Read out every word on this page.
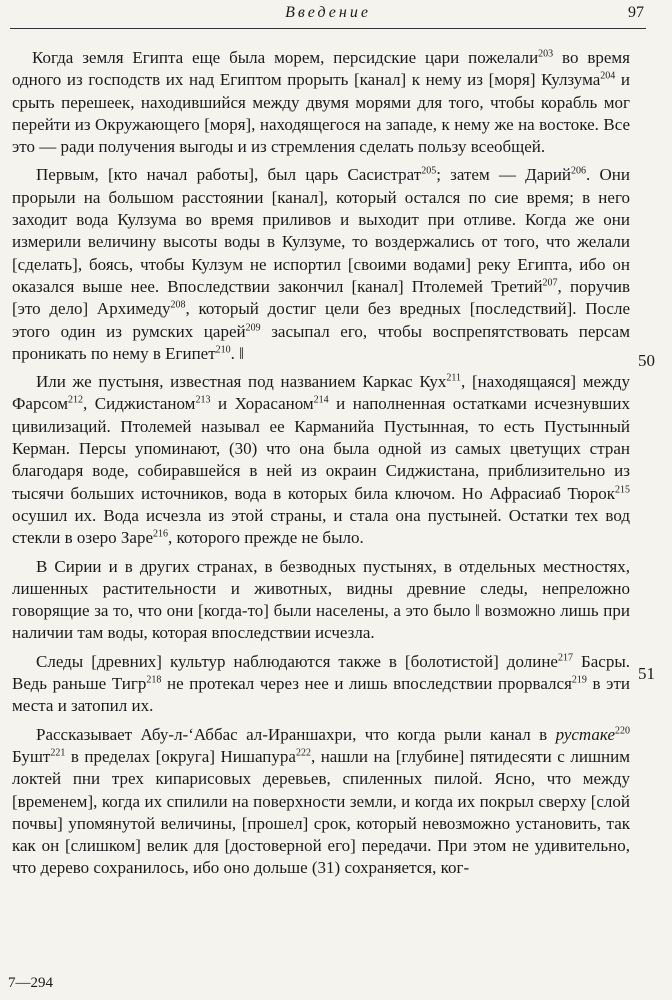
Введение	97

Когда земля Египта еще была морем, персидские цари пожелали$^{203}$ во время одного из господств их над Египтом прорыть [канал] к нему из [моря] Кулзума$^{204}$ и срыть перешеек, находившийся между двумя морями для того, чтобы корабль мог перейти из Окружающего [моря], находящегося на западе, к нему же на востоке. Все это — ради получения выгоды и из стремления сделать пользу всеобщей.

Первым, [кто начал работы], был царь Сасистрат$^{205}$; затем — Дарий$^{206}$. Они прорыли на большом расстоянии [канал], который остался по сие время; в него заходит вода Кулзума во время приливов и выходит при отливе. Когда же они измерили величину высоты воды в Кулзуме, то воздержались от того, что желали [сделать], боясь, чтобы Кулзум не испортил [своими водами] реку Египта, ибо он оказался выше нее. Впоследствии закончил [канал] Птолемей Третий$^{207}$, поручив [это дело] Архимеду$^{208}$, который достиг цели без вредных [последствий]. После этого один из румских царей$^{209}$ засыпал его, чтобы воспрепятствовать персам проникать по нему в Египет$^{210}$. ‖

Или же пустыня, известная под названием Каркас Кух$^{211}$, [находящаяся] между Фарсом$^{212}$, Сиджистаном$^{213}$ и Хорасаном$^{214}$ и наполненная остатками исчезнувших цивилизаций. Птолемей называл ее Карманийа Пустынная, то есть Пустынный Керман. Персы упоминают, (30) что она была одной из самых цветущих стран благодаря воде, собиравшейся в ней из окраин Сиджистана, приблизительно из тысячи больших источников, вода в которых била ключом. Но Афрасиаб Тюрок$^{215}$ осушил их. Вода исчезла из этой страны, и стала она пустыней. Остатки тех вод стекли в озеро Заре$^{216}$, которого прежде не было.

В Сирии и в других странах, в безводных пустынях, в отдельных местностях, лишенных растительности и животных, видны древние следы, непреложно говорящие за то, что они [когда-то] были населены, а это было ‖ возможно лишь при наличии там воды, которая впоследствии исчезла.

Следы [древних] культур наблюдаются также в [болотистой] долине$^{217}$ Басры. Ведь раньше Тигр$^{218}$ не протекал через нее и лишь впоследствии прорвался$^{219}$ в эти места и затопил их.

Рассказывает Абу-л-‘Аббас ал-Ираншахри, что когда рыли канал в рустаке$^{220}$ Бушт$^{221}$ в пределах [округа] Нишапура$^{222}$, нашли на [глубине] пятидесяти с лишним локтей пни трех кипарисовых деревьев, спиленных пилой. Ясно, что между [временем], когда их спилили на поверхности земли, и когда их покрыл сверху [слой почвы] упомянутой величины, [прошел] срок, который невозможно установить, так как он [слишком] велик для [достоверной его] передачи. При этом не удивительно, что дерево сохранилось, ибо оно дольше (31) сохраняется, ког-

50
51
7—294
